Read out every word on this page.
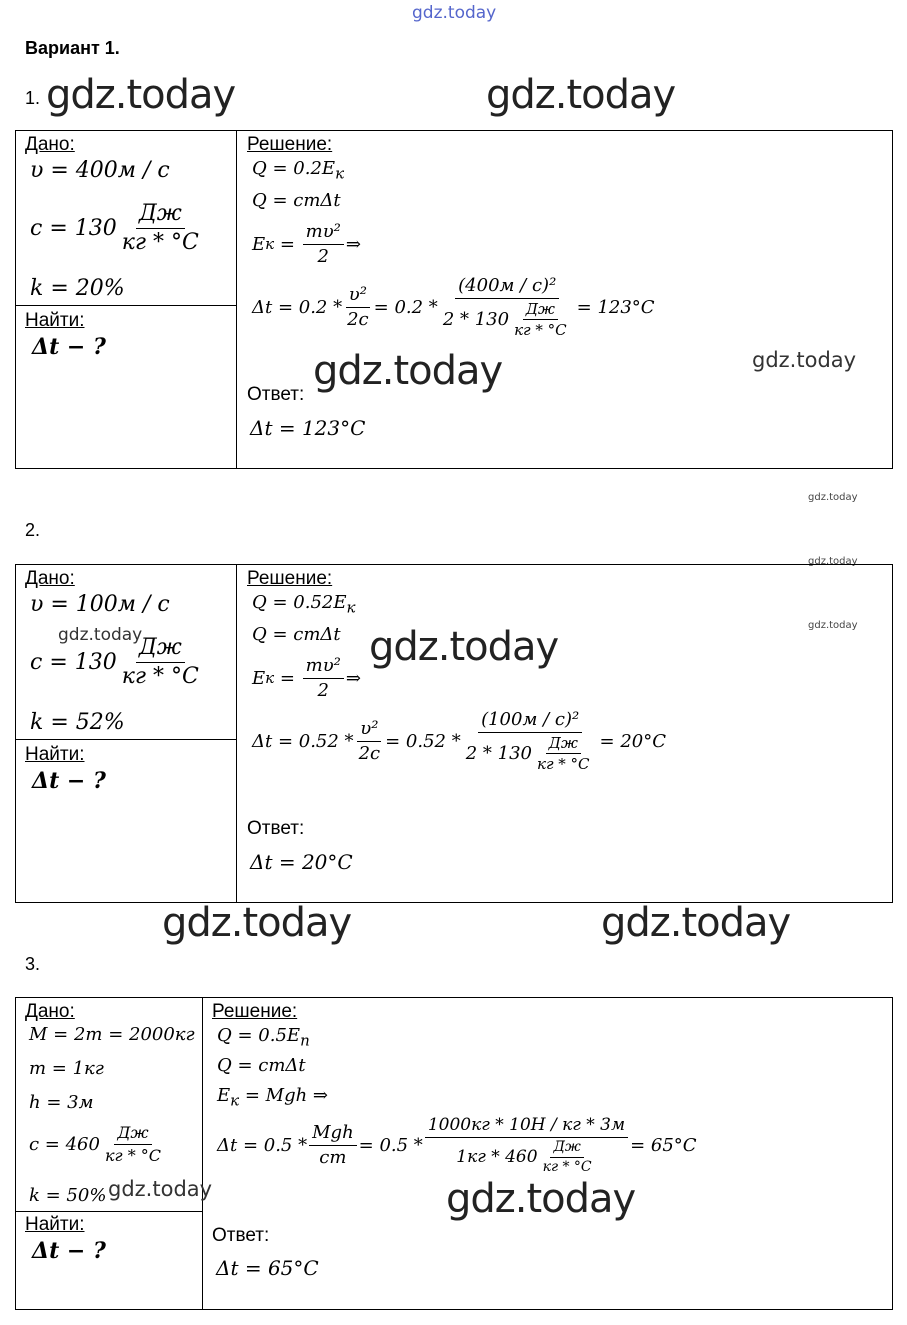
gdz.today
Вариант 1.
1. gdz.today	gdz.today
Дано:
υ = 400м / с
$c = 130 \frac{Дж}{кг * ^\circ C}$
k = 20%
Найти:
Δt − ?
Решение:
$Q = 0.2E_к$
Q = cmΔt
E $к = \frac{\text{mυ²}}{2}$ ⇒
$\Delta t = 0.2 * \frac{\text{υ²}}{2c} = 0.2 * \frac{\text{(400м / с)²}}{2 * 130 \frac{Дж}{кг * ^\circ C}} = 123^\circ C$
gdz.today
gdz.today
Ответ:
Δt = 123°C
gdz.today
2.
gdz.today
Дано:
υ = 100м / с
gdz.today
$c = 130 \frac{Дж}{кг * ^\circ C}$
k = 52%
Найти:
Δt − ?
Решение:
$Q = 0.52E_к$
Q = cmΔt gdz.today	gdz.today
E $к = \frac{\text{mυ²}}{2}$ ⇒
$\Delta t = 0.52 * \frac{\text{υ²}}{2c} = 0.52 * \frac{\text{(100м / с)²}}{2 * 130 \frac{Дж}{кг * ^\circ C}} = 20^\circ C$
Ответ:
Δt = 20°C
gdz.today	gdz.today
3.
Дано:
M = 2m = 2000кг
m = 1кг
h = 3м
$c = 460 \frac{Дж}{кг * ^\circ C}$
k = 50% gdz.today
Найти:
Δt − ?
Решение:
$Q = 0.5E_п$
Q = cmΔt
$E_к$ = Mgh ⇒
$\Delta t = 0.5 * \frac{\text{Mgh}}{cm} = 0.5 * \frac{1000кг * 10Н / кг * 3м}{1кг * 460 \frac{Дж}{кг * ^\circ C}} = 65^\circ C$
gdz.today
Ответ:
Δt = 65°C
